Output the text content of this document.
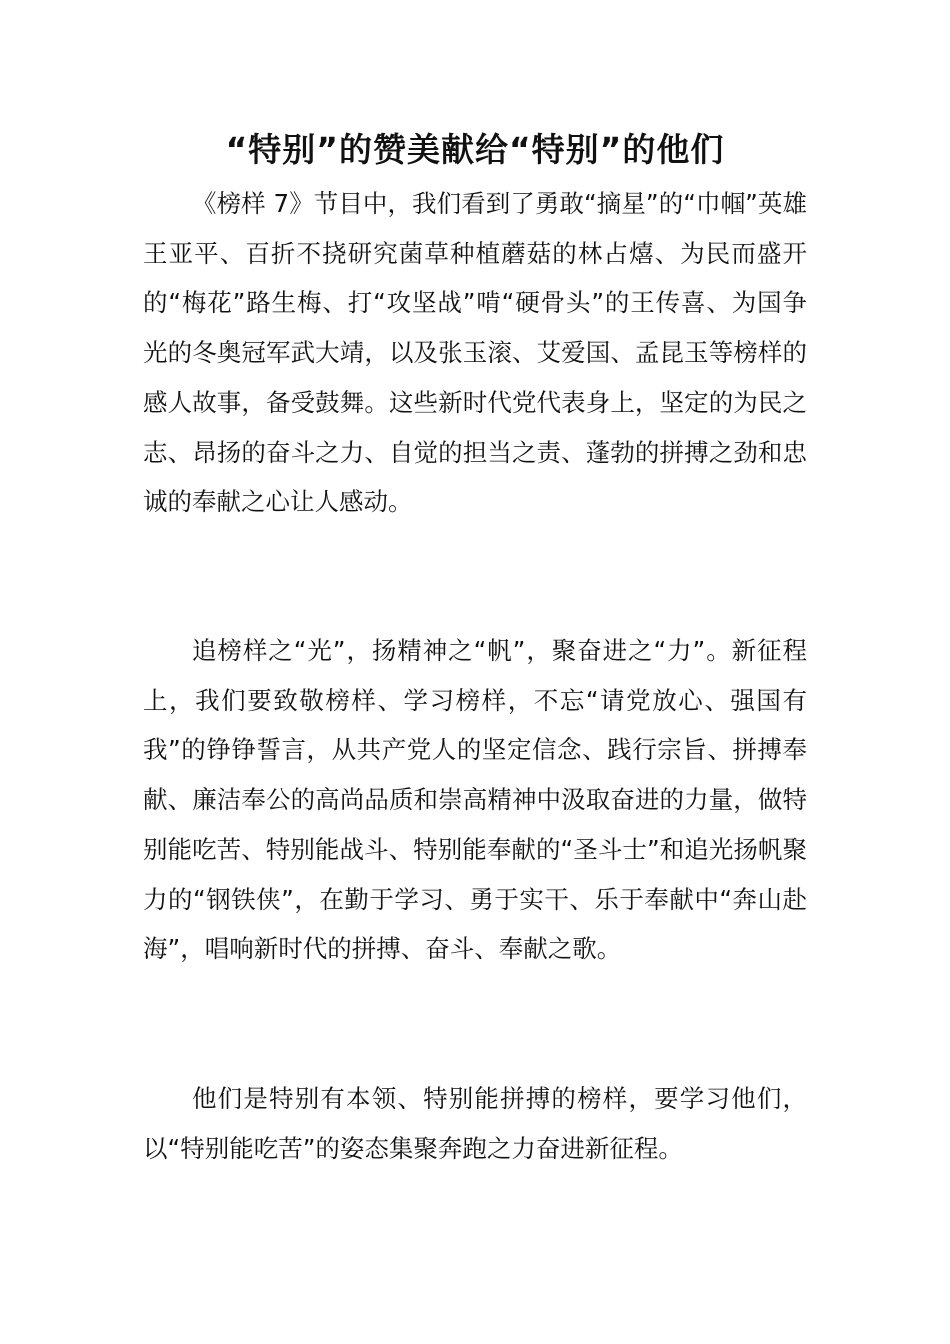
“特别”的赞美献给“特别”的他们

《榜样 7》节目中，我们看到了勇敢“摘星”的“巾帼”英雄王亚平、百折不挠研究菌草种植蘑菇的林占熺、为民而盛开的“梅花”路生梅、打“攻坚战”啃“硬骨头”的王传喜、为国争光的冬奥冠军武大靖，以及张玉滚、艾爱国、孟昆玉等榜样的感人故事，备受鼓舞。这些新时代党代表身上，坚定的为民之志、昂扬的奋斗之力、自觉的担当之责、蓬勃的拼搏之劲和忠诚的奉献之心让人感动。

追榜样之“光”，扬精神之“帆”，聚奋进之“力”。新征程上，我们要致敬榜样、学习榜样，不忘“请党放心、强国有我”的铮铮誓言，从共产党人的坚定信念、践行宗旨、拼搏奉献、廉洁奉公的高尚品质和崇高精神中汲取奋进的力量，做特别能吃苦、特别能战斗、特别能奉献的“圣斗士”和追光扬帆聚力的“钢铁侠”，在勤于学习、勇于实干、乐于奉献中“奔山赴海”，唱响新时代的拼搏、奋斗、奉献之歌。

他们是特别有本领、特别能拼搏的榜样，要学习他们，以“特别能吃苦”的姿态集聚奔跑之力奋进新征程。
